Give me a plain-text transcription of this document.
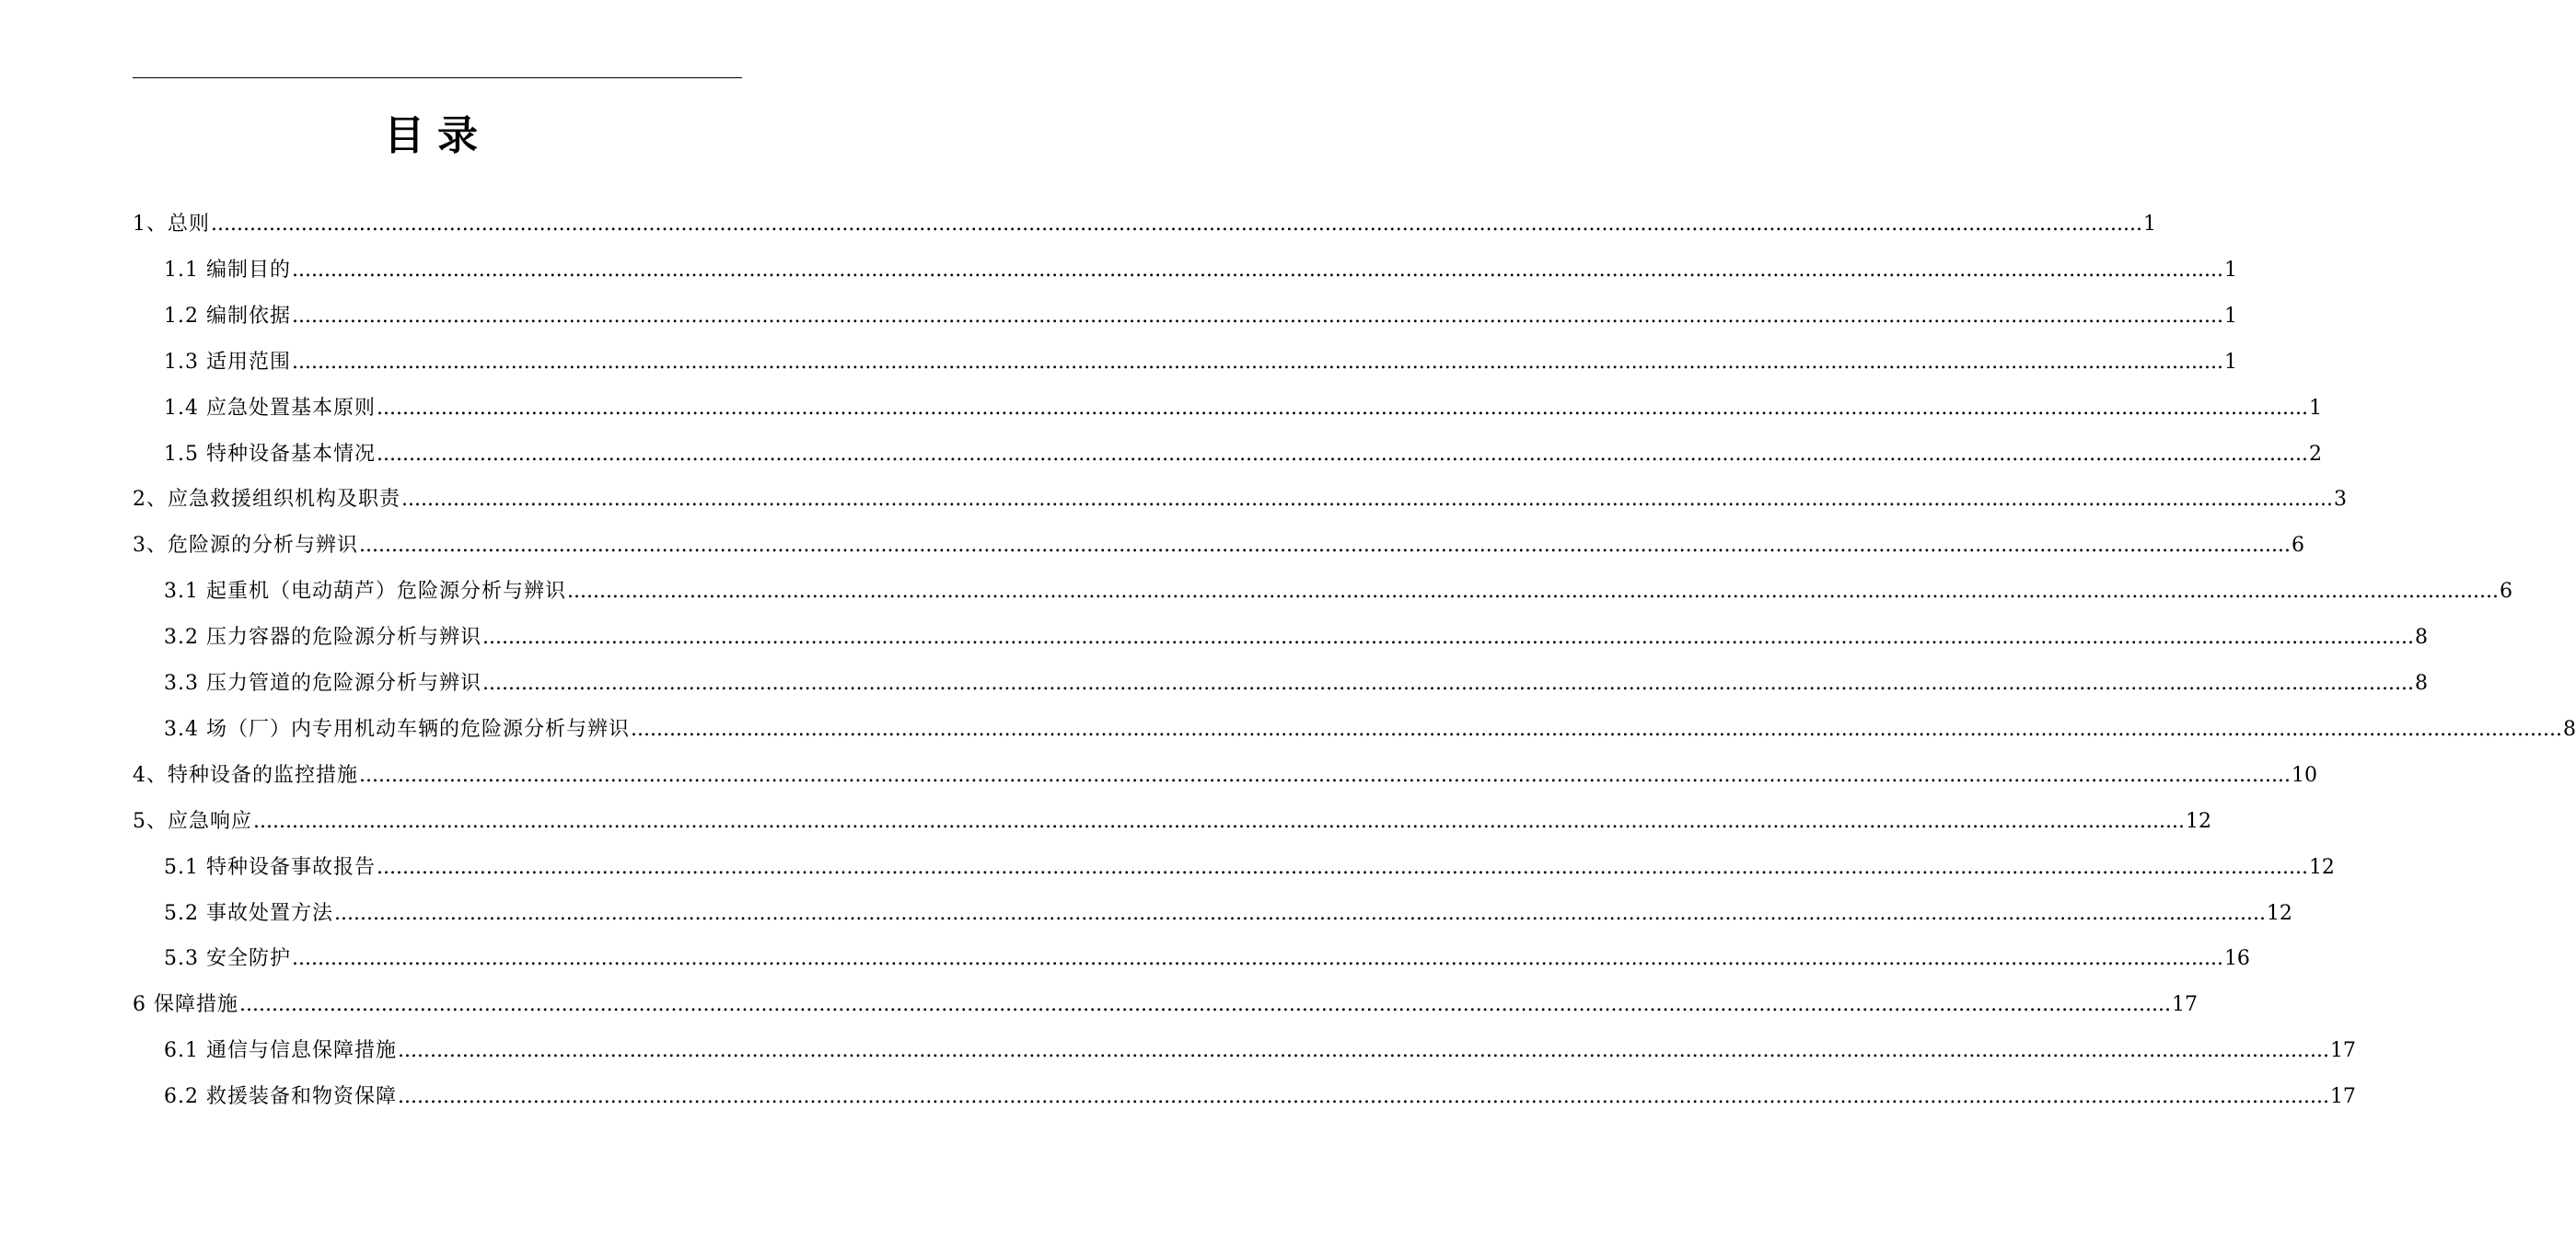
目录
1、总则 ............................................................................................................................................................................................................................................................................................................ 1
1.1 编制目的 ............................................................................................................................................................................................................................................................................................................ 1
1.2 编制依据 ............................................................................................................................................................................................................................................................................................................ 1
1.3 适用范围 ............................................................................................................................................................................................................................................................................................................ 1
1.4 应急处置基本原则 ............................................................................................................................................................................................................................................................................................................ 1
1.5 特种设备基本情况 ............................................................................................................................................................................................................................................................................................................ 2
2、应急救援组织机构及职责 ............................................................................................................................................................................................................................................................................................................ 3
3、危险源的分析与辨识 ............................................................................................................................................................................................................................................................................................................ 6
3.1 起重机（电动葫芦）危险源分析与辨识 ............................................................................................................................................................................................................................................................................................................ 6
3.2 压力容器的危险源分析与辨识 ............................................................................................................................................................................................................................................................................................................ 8
3.3 压力管道的危险源分析与辨识 ............................................................................................................................................................................................................................................................................................................ 8
3.4 场（厂）内专用机动车辆的危险源分析与辨识 ............................................................................................................................................................................................................................................................................................................ 8
4、特种设备的监控措施 ............................................................................................................................................................................................................................................................................................................ 10
5、应急响应 ............................................................................................................................................................................................................................................................................................................ 12
5.1 特种设备事故报告 ............................................................................................................................................................................................................................................................................................................ 12
5.2 事故处置方法 ............................................................................................................................................................................................................................................................................................................ 12
5.3 安全防护 ............................................................................................................................................................................................................................................................................................................ 16
6 保障措施 ............................................................................................................................................................................................................................................................................................................ 17
6.1 通信与信息保障措施 ............................................................................................................................................................................................................................................................................................................ 17
6.2 救援装备和物资保障 ............................................................................................................................................................................................................................................................................................................ 17
